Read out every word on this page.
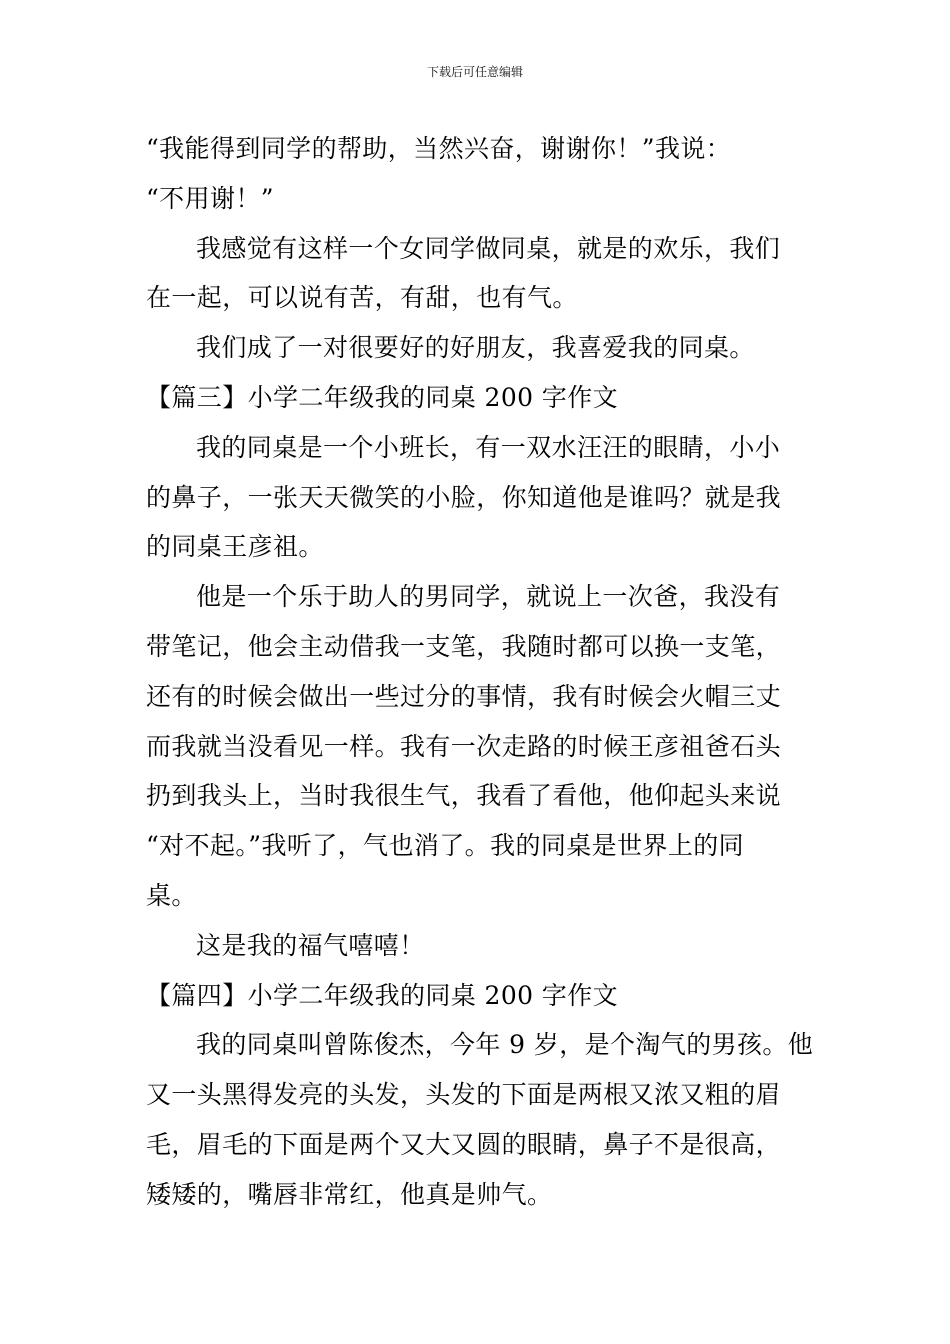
下载后可任意编辑
“我能得到同学的帮助，当然兴奋，谢谢你！”我说：
“不用谢！”
我感觉有这样一个女同学做同桌，就是的欢乐，我们
在一起，可以说有苦，有甜，也有气。
我们成了一对很要好的好朋友，我喜爱我的同桌。
【篇三】小学二年级我的同桌 200 字作文
我的同桌是一个小班长，有一双水汪汪的眼睛，小小
的鼻子，一张天天微笑的小脸，你知道他是谁吗？就是我
的同桌王彦祖。
他是一个乐于助人的男同学，就说上一次爸，我没有
带笔记，他会主动借我一支笔，我随时都可以换一支笔，
还有的时候会做出一些过分的事情，我有时候会火帽三丈
而我就当没看见一样。我有一次走路的时候王彦祖爸石头
扔到我头上，当时我很生气，我看了看他，他仰起头来说
“对不起。”我听了，气也消了。我的同桌是世界上的同
桌。
这是我的福气嘻嘻！
【篇四】小学二年级我的同桌 200 字作文
我的同桌叫曾陈俊杰，今年 9 岁，是个淘气的男孩。他
又一头黑得发亮的头发，头发的下面是两根又浓又粗的眉
毛，眉毛的下面是两个又大又圆的眼睛，鼻子不是很高，
矮矮的，嘴唇非常红，他真是帅气。
